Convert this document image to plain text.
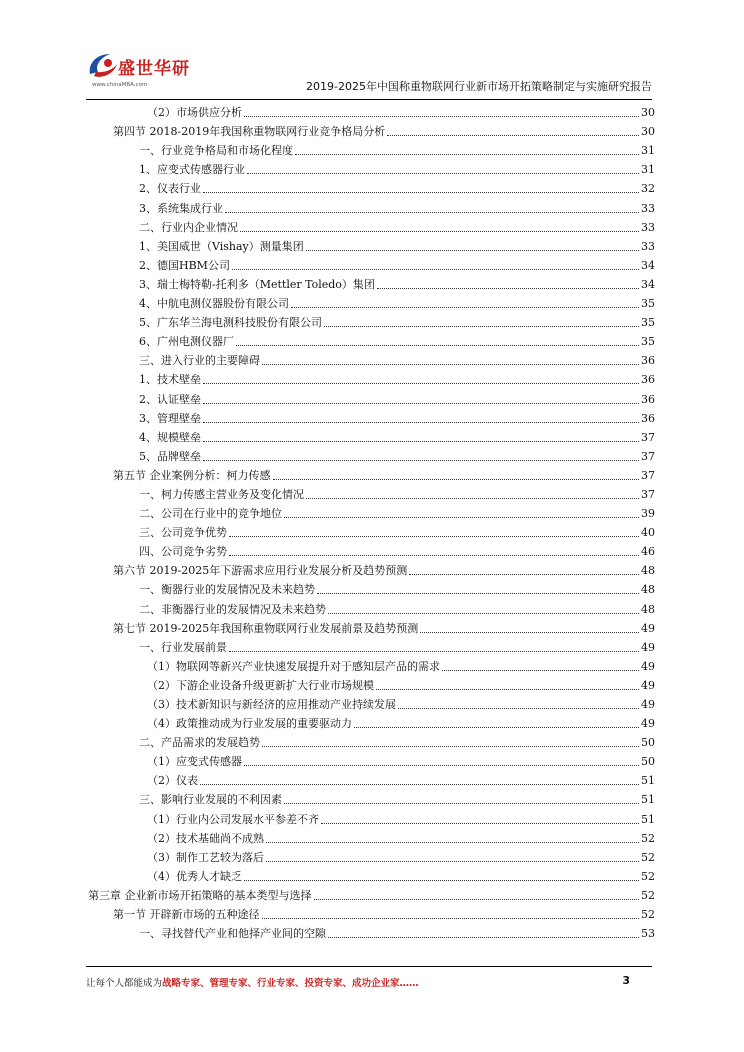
盛世华研
www.chinaMBA.com	2019-2025年中国称重物联网行业新市场开拓策略制定与实施研究报告
（2）市场供应分析	30
第四节 2018-2019年我国称重物联网行业竞争格局分析	30
一、行业竞争格局和市场化程度	31
1、应变式传感器行业	31
2、仪表行业	32
3、系统集成行业	33
二、行业内企业情况	33
1、美国威世（Vishay）测量集团	33
2、德国HBM公司	34
3、瑞士梅特勒-托利多（Mettler Toledo）集团	34
4、中航电测仪器股份有限公司	35
5、广东华兰海电测科技股份有限公司	35
6、广州电测仪器厂	35
三、进入行业的主要障碍	36
1、技术壁垒	36
2、认证壁垒	36
3、管理壁垒	36
4、规模壁垒	37
5、品牌壁垒	37
第五节 企业案例分析：柯力传感	37
一、柯力传感主营业务及变化情况	37
二、公司在行业中的竞争地位	39
三、公司竞争优势	40
四、公司竞争劣势	46
第六节 2019-2025年下游需求应用行业发展分析及趋势预测	48
一、衡器行业的发展情况及未来趋势	48
二、非衡器行业的发展情况及未来趋势	48
第七节 2019-2025年我国称重物联网行业发展前景及趋势预测	49
一、行业发展前景	49
（1）物联网等新兴产业快速发展提升对于感知层产品的需求	49
（2）下游企业设备升级更新扩大行业市场规模	49
（3）技术新知识与新经济的应用推动产业持续发展	49
（4）政策推动成为行业发展的重要驱动力	49
二、产品需求的发展趋势	50
（1）应变式传感器	50
（2）仪表	51
三、影响行业发展的不利因素	51
（1）行业内公司发展水平参差不齐	51
（2）技术基础尚不成熟	52
（3）制作工艺较为落后	52
（4）优秀人才缺乏	52
第三章 企业新市场开拓策略的基本类型与选择	52
第一节 开辟新市场的五种途径	52
一、寻找替代产业和他择产业间的空隙	53
让每个人都能成为战略专家、管理专家、行业专家、投资专家、成功企业家……	3
